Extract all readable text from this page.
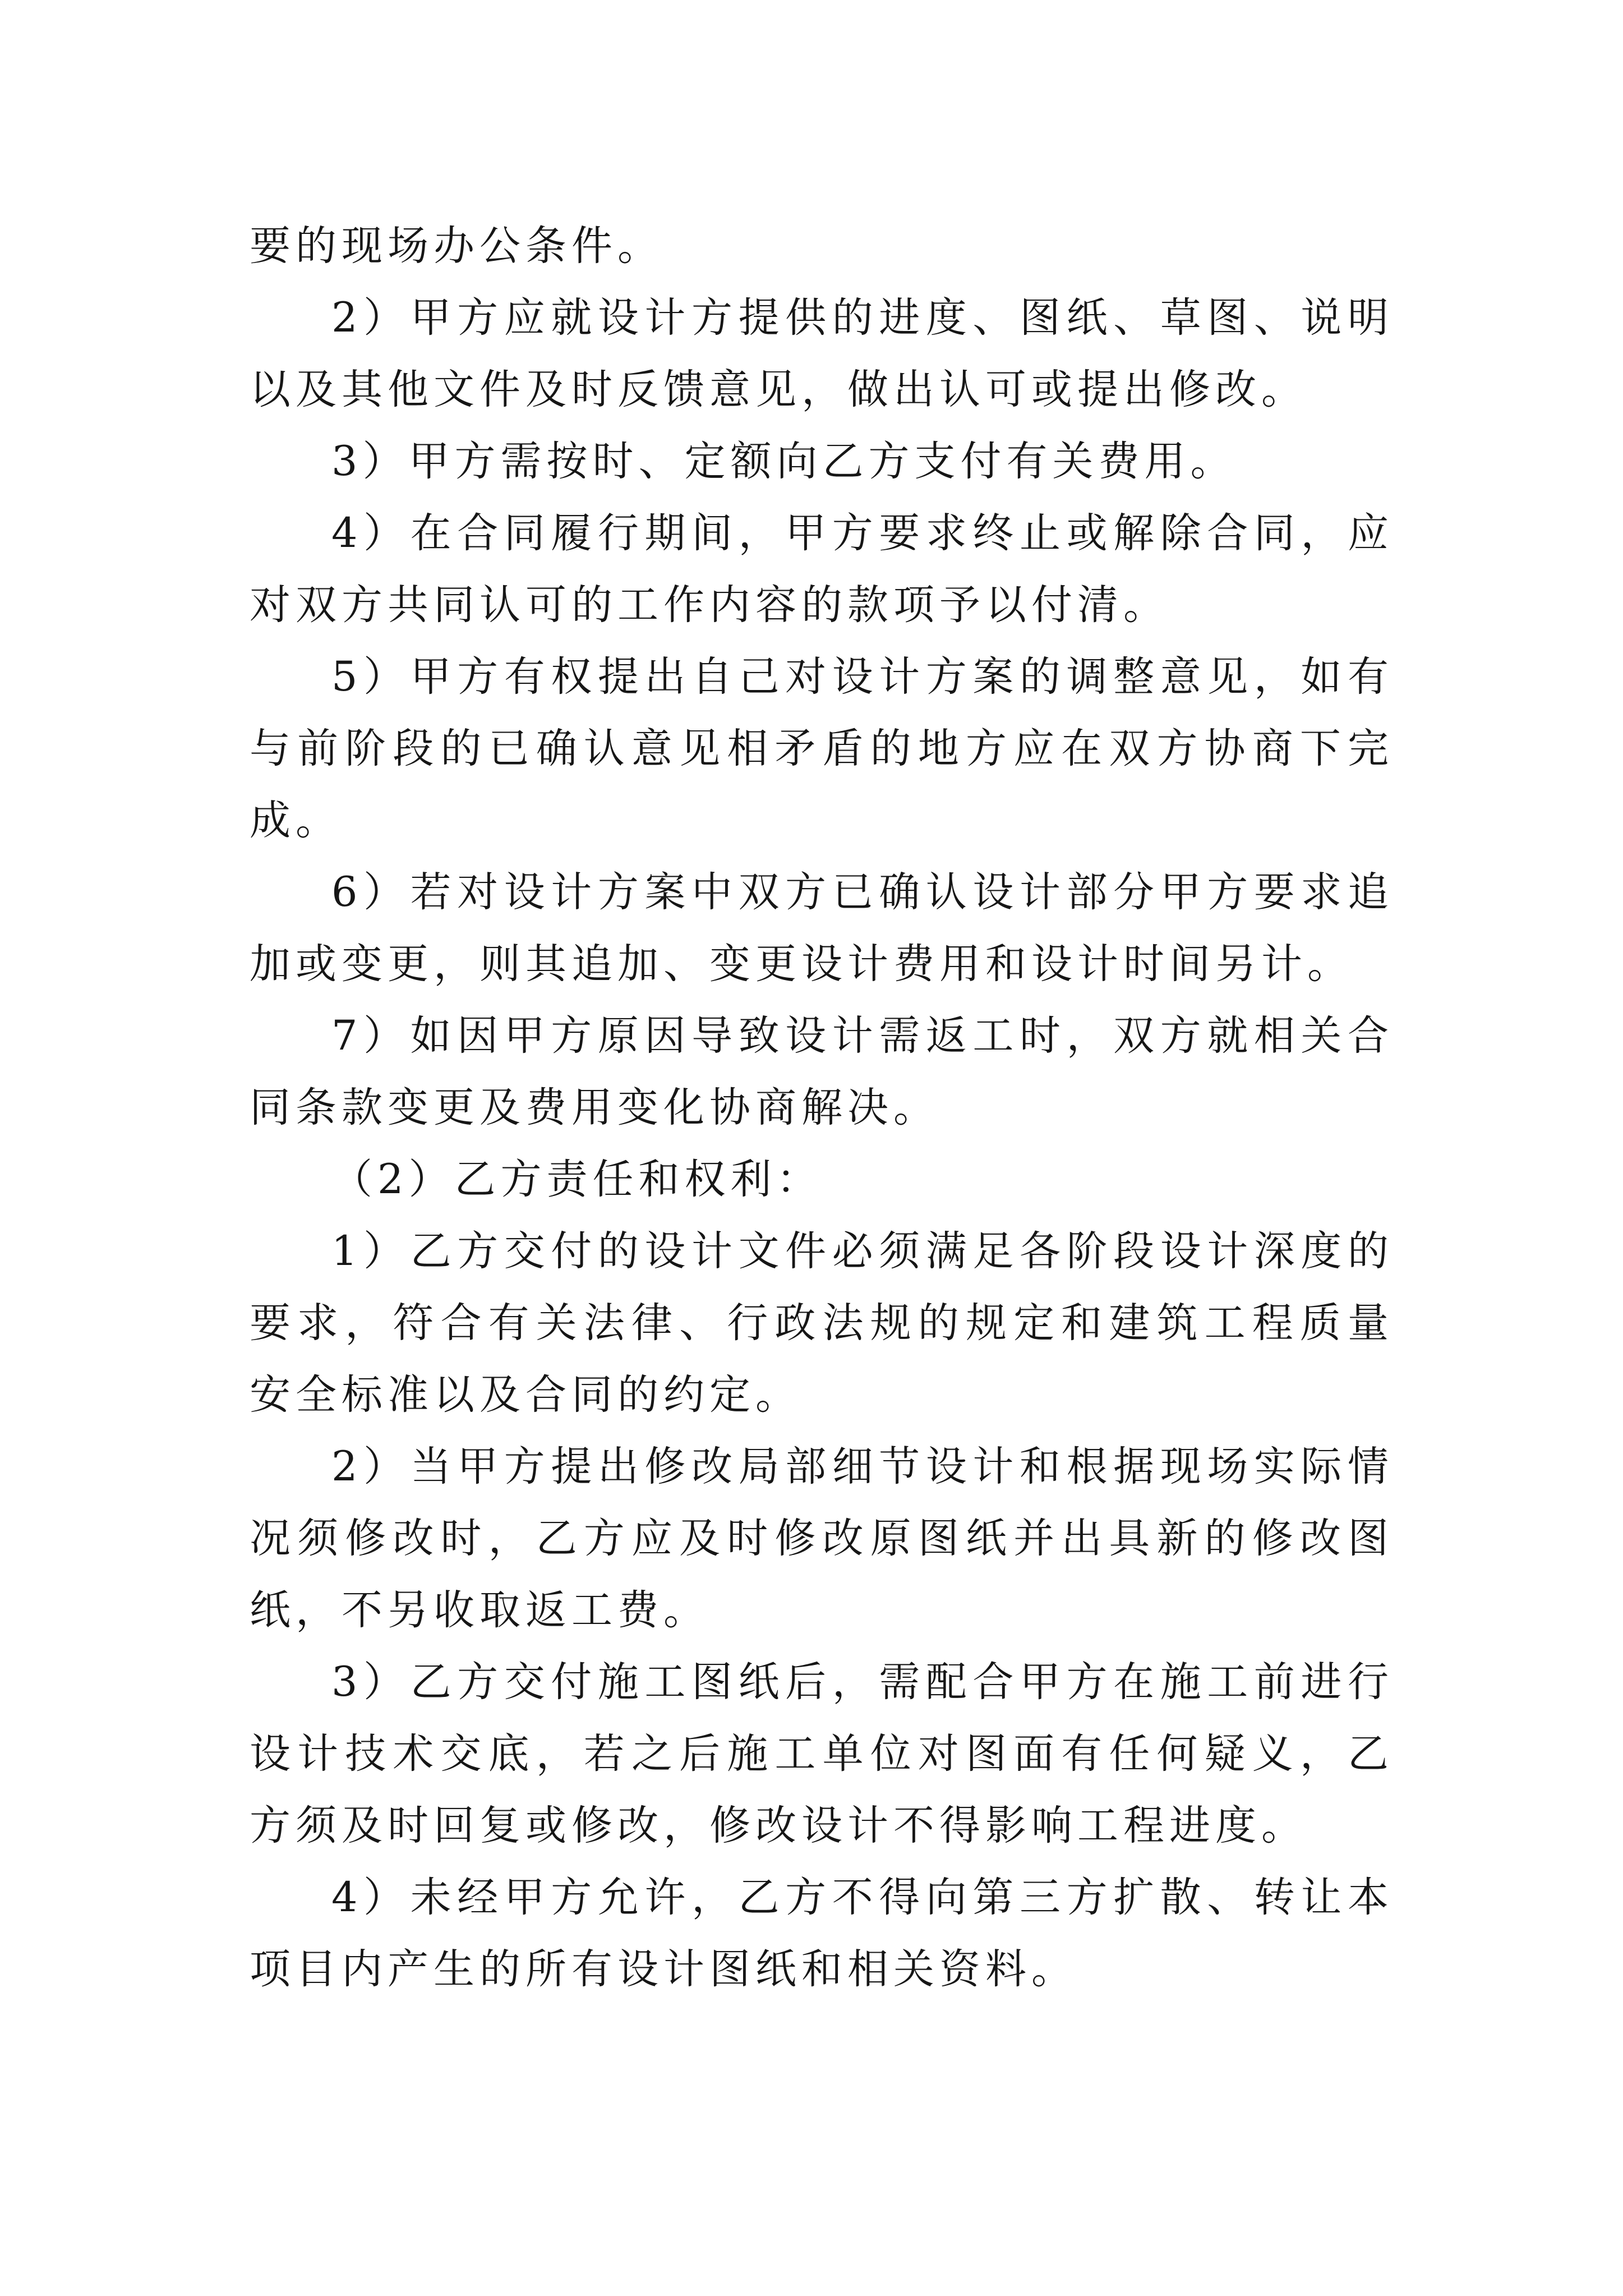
要的现场办公条件。

2）甲方应就设计方提供的进度、图纸、草图、说明以及其他文件及时反馈意见，做出认可或提出修改。

3）甲方需按时、定额向乙方支付有关费用。

4）在合同履行期间，甲方要求终止或解除合同，应对双方共同认可的工作内容的款项予以付清。

5）甲方有权提出自己对设计方案的调整意见，如有与前阶段的已确认意见相矛盾的地方应在双方协商下完成。

6）若对设计方案中双方已确认设计部分甲方要求追加或变更，则其追加、变更设计费用和设计时间另计。

7）如因甲方原因导致设计需返工时，双方就相关合同条款变更及费用变化协商解决。

（2）乙方责任和权利：

1）乙方交付的设计文件必须满足各阶段设计深度的要求，符合有关法律、行政法规的规定和建筑工程质量安全标准以及合同的约定。

2）当甲方提出修改局部细节设计和根据现场实际情况须修改时，乙方应及时修改原图纸并出具新的修改图纸，不另收取返工费。

3）乙方交付施工图纸后，需配合甲方在施工前进行设计技术交底，若之后施工单位对图面有任何疑义，乙方须及时回复或修改，修改设计不得影响工程进度。

4）未经甲方允许，乙方不得向第三方扩散、转让本项目内产生的所有设计图纸和相关资料。
